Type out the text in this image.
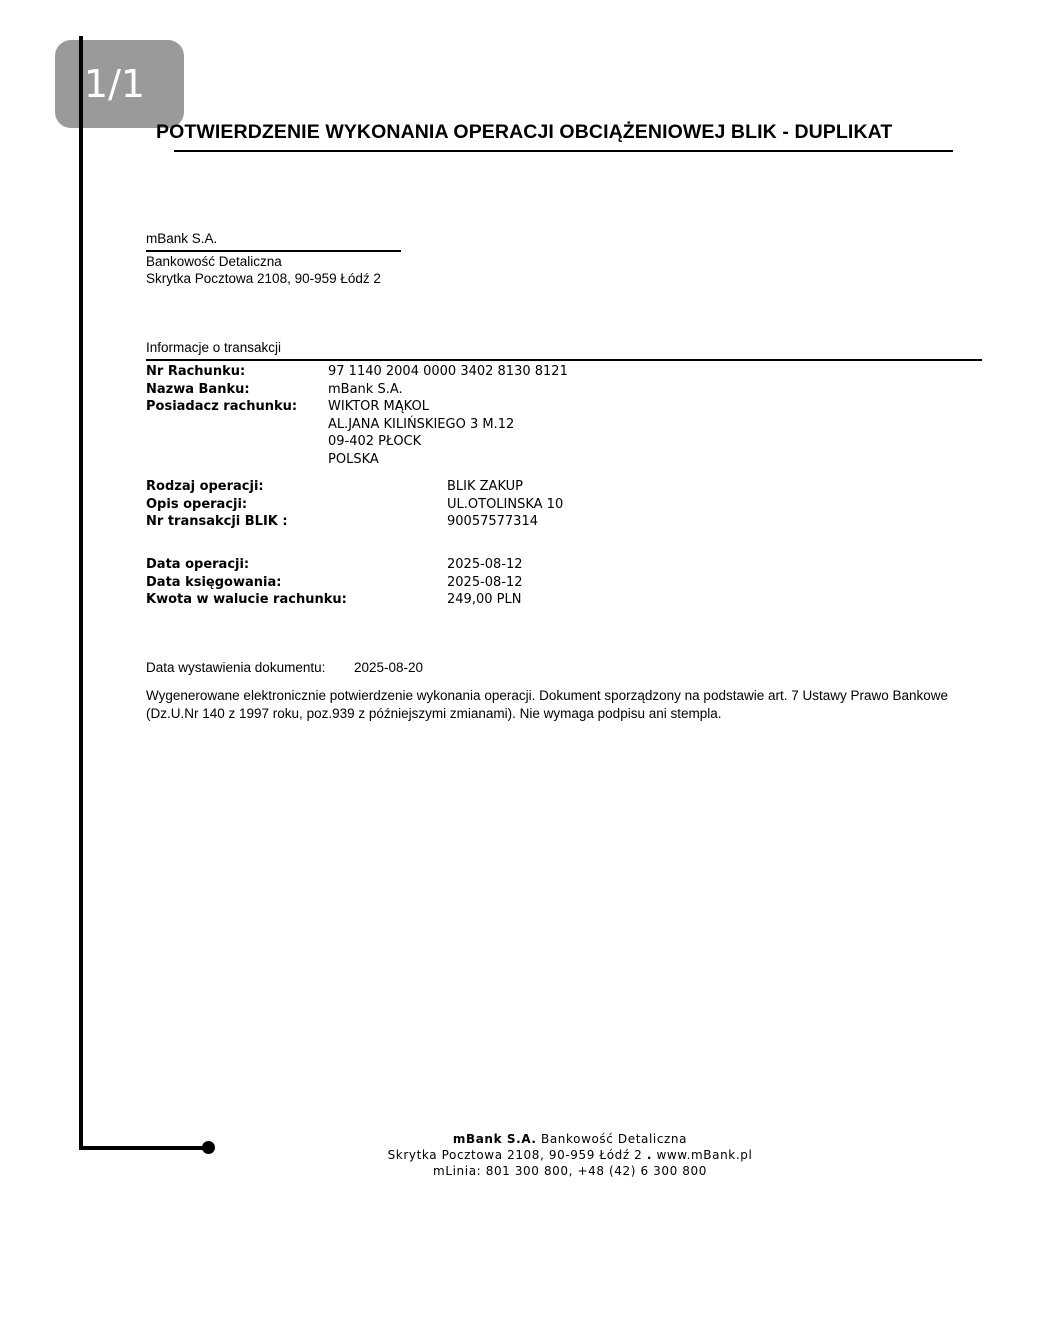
1/1
POTWIERDZENIE WYKONANIA OPERACJI OBCIĄŻENIOWEJ BLIK - DUPLIKAT
mBank S.A.
Bankowość Detaliczna
Skrytka Pocztowa 2108, 90-959 Łódź 2
Informacje o transakcji
Nr Rachunku:	97 1140 2004 0000 3402 8130 8121
Nazwa Banku:	mBank S.A.
Posiadacz rachunku: WIKTOR MĄKOL
AL.JANA KILIŃSKIEGO 3 M.12
09-402 PŁOCK
POLSKA
Rodzaj operacji:	BLIK ZAKUP
Opis operacji:	UL.OTOLINSKA 10
Nr transakcji BLIK :	90057577314
Data operacji:	2025-08-12
Data księgowania:	2025-08-12
Kwota w walucie rachunku:	249,00 PLN
Data wystawienia dokumentu: 2025-08-20
Wygenerowane elektronicznie potwierdzenie wykonania operacji. Dokument sporządzony na podstawie art. 7 Ustawy Prawo Bankowe (Dz.U.Nr 140 z 1997 roku, poz.939 z późniejszymi zmianami). Nie wymaga podpisu ani stempla.
mBank S.A. Bankowość Detaliczna
Skrytka Pocztowa 2108, 90-959 Łódź 2 . www.mBank.pl
mLinia: 801 300 800, +48 (42) 6 300 800
